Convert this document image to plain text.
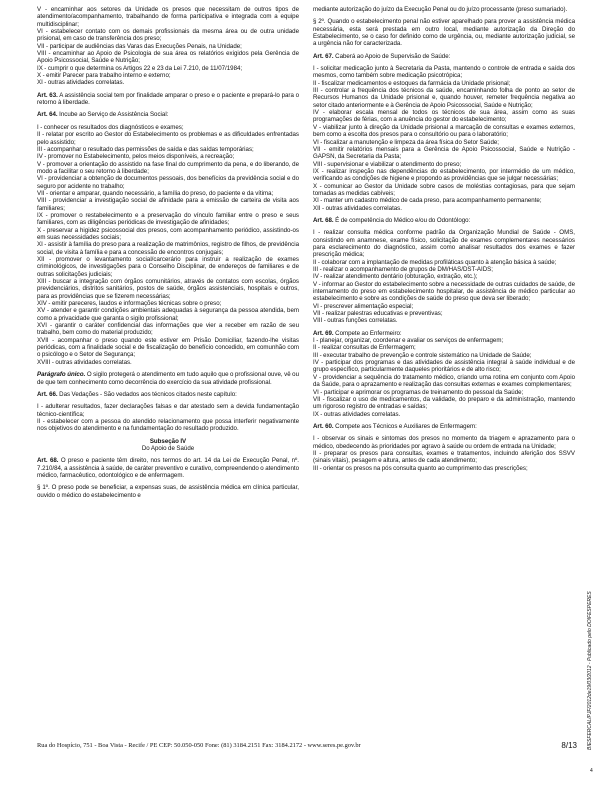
V - encaminhar aos setores da Unidade os presos que necessitam de outros tipos de atendimento/acompanhamento, trabalhando de forma participativa e integrada com a equipe multidisciplinar;

VI - estabelecer contato com os demais profissionais da mesma área ou de outra unidade prisional, em caso de transferência dos preso;

VII - participar de audiências das Varas das Execuções Penais, na Unidade;

VIII - encaminhar ao Apoio de Psicologia de sua área os relatórios exigidos pela Gerência de Apoio Psicossocial, Saúde e Nutrição;

IX - cumprir o que determina os Artigos 22 e 23 da Lei 7.210, de 11/07/1984;

X - emitir Parecer para trabalho interno e externo;

XI - outras atividades correlatas.

Art. 63. A assistência social tem por finalidade amparar o preso e o paciente e prepará-lo para o retorno à liberdade.

Art. 64. Incube ao Serviço de Assistência Social:

I - conhecer os resultados dos diagnósticos e exames;

II - relatar por escrito ao Gestor do Estabelecimento os problemas e as dificuldades enfrentadas pelo assistido;

III - acompanhar o resultado das permissões de saída e das saídas temporárias;

IV - promover no Estabelecimento, pelos meios disponíveis, a recreação;

V - promover a orientação do assistido na fase final do cumprimento da pena, e do liberando, de modo a facilitar o seu retorno à liberdade;

VI - providenciar a obtenção de documentos pessoais, dos benefícios da previdência social e do seguro por acidente no trabalho;

VII - orientar e amparar, quando necessário, a família do preso, do paciente e da vítima;

VIII - providenciar a investigação social de afinidade para a emissão de carteira de visita aos familiares;

IX - promover o restabelecimento e a preservação do vínculo familiar entre o preso e seus familiares, com as diligências periódicas de investigação de afinidades;

X - preservar a higidez psicossocial dos presos, com acompanhamento periódico, assistindo-os em suas necessidades sociais;

XI - assistir à família do preso para a realização de matrimônios, registro de filhos, de previdência social, de visita à família e para a concessão de encontros conjugais;

XII - promover o levantamento social/carcerário para instruir a realização de exames criminológicos, de investigações para o Conselho Disciplinar, de endereços de familiares e de outras solicitações judiciais;

XIII - buscar a integração com órgãos comunitários, através de contatos com escolas, órgãos previdenciários, distritos sanitários, postos de saúde, órgãos assistenciais, hospitais e outros, para as providências que se fizerem necessárias;

XIV - emitir pareceres, laudos e informações técnicas sobre o preso;

XV - atender e garantir condições ambientais adequadas à segurança da pessoa atendida, bem como a privacidade que garanta o sigilo profissional;

XVI - garantir o caráter confidencial das informações que vier a receber em razão de seu trabalho, bem como do material produzido;

XVII - acompanhar o preso quando este estiver em Prisão Domiciliar, fazendo-lhe visitas periódicas, com a finalidade social e de fiscalização do benefício concedido, em comunhão com o psicólogo e o Setor de Segurança;

XVIII - outras atividades correlatas.

Parágrafo único. O sigilo protegerá o atendimento em tudo aquilo que o profissional ouve, vê ou de que tem conhecimento como decorrência do exercício da sua atividade profissional.

Art. 66. Das Vedações - São vedados aos técnicos citados neste capítulo:

I - adulterar resultados, fazer declarações falsas e dar atestado sem a devida fundamentação técnico-científica;

II - estabelecer com a pessoa do atendido relacionamento que possa interferir negativamente nos objetivos do atendimento e na fundamentação do resultado produzido.

Subseção IV

Do Apoio de Saúde

Art. 68. O preso e paciente têm direito, nos termos do art. 14 da Lei de Execução Penal, nº. 7.210/84, a assistência à saúde, de caráter preventivo e curativo, compreendendo o atendimento médico, farmacêutico, odontológico e de enfermagem.

§ 1º. O preso pode se beneficiar, a expensas suas, de assistência médica em clínica particular, ouvido o médico do estabelecimento e

mediante autorização do juízo da Execução Penal ou do juízo processante (preso sumariado).

§ 2º. Quando o estabelecimento penal não estiver aparelhado para prover a assistência médica necessária, esta será prestada em outro local, mediante autorização da Direção do Estabelecimento, se o caso for definido como de urgência, ou, mediante autorização judicial, se a urgência não for caracterizada.

Art. 67. Caberá ao Apoio de Supervisão de Saúde:

I - solicitar medicação junto à Secretaria da Pasta, mantendo o controle de entrada e saída dos mesmos, como também sobre medicação psicotrópica;

II - fiscalizar medicamentos e estoques da farmácia da Unidade prisional;

III - controlar a frequência dos técnicos da saúde, encaminhando folha de ponto ao setor de Recursos Humanos da Unidade prisional e, quando houver, remeter frequência negativa ao setor citado anteriormente e à Gerência de Apoio Psicossocial, Saúde e Nutrição;

IV - elaborar escala mensal de todos os técnicos de sua área, assim como as suas programações de férias, com a anuência do gestor do estabelecimento;

V - viabilizar junto à direção da Unidade prisional a marcação de consultas e exames externos, bem como a escolta dos presos para o consultório ou para o laboratório;

VI - fiscalizar a manutenção e limpeza da área física do Setor Saúde;

VII - emitir relatórios mensais para a Gerência de Apoio Psicossocial, Saúde e Nutrição - GAPSN, da Secretaria da Pasta;

VIII - supervisionar e viabilizar o atendimento do preso;

IX - realizar inspeção nas dependências do estabelecimento, por intermédio de um médico, verificando as condições de higiene e propondo as providências que se julgar necessárias;

X - comunicar ao Gestor da Unidade sobre casos de moléstias contagiosas, para que sejam tomadas as medidas cabíveis;

XI - manter um cadastro médico de cada preso, para acompanhamento permanente;

XII - outras atividades correlatas.

Art. 68. É de competência do Médico e/ou do Odontólogo:

I - realizar consulta médica conforme padrão da Organização Mundial de Saúde - OMS, consistindo em anamnese, exame físico, solicitação de exames complementares necessários para esclarecimento do diagnóstico, assim como analisar resultados dos exames e fazer prescrição médica;

II - colaborar com a implantação de medidas profiláticas quanto à atenção básica à saúde;

III - realizar o acompanhamento de grupos de DM/HAS/DST-AIDS;

IV - realizar atendimento dentário (obturação, extração, etc.);

V - informar ao Gestor do estabelecimento sobre a necessidade de outras cuidados de saúde, de internamento do preso em estabelecimento hospitalar, de assistência de médico particular ao estabelecimento e sobre as condições de saúde do preso que deva ser liberado;

VI - prescrever alimentação especial;

VII - realizar palestras educativas e preventivas;

VIII - outras funções correlatas.

Art. 69. Compete ao Enfermeiro:

I - planejar, organizar, coordenar e avaliar os serviços de enfermagem;

II - realizar consultas de Enfermagem;

III - executar trabalho de prevenção e controle sistemático na Unidade de Saúde;

IV - participar dos programas e das atividades de assistência integral à saúde individual e de grupo específico, particularmente daqueles prioritários e de alto risco;

V - providenciar a sequência do tratamento médico, criando uma rotina em conjunto com Apoio da Saúde, para o aprazamento e realização das consultas externas e exames complementares;

VI - participar e aprimorar os programas de treinamento do pessoal da Saúde;

VII - fiscalizar o uso de medicamentos, da validade, do preparo e da administração, mantendo um rigoroso registro de entradas e saídas;

IX - outras atividades correlatas.

Art. 60. Compete aos Técnicos e Auxiliares de Enfermagem:

I - observar os sinais e sintomas dos presos no momento da triagem e aprazamento para o médico, obedecendo às prioridades por agravo à saúde ou ordem de entrada na Unidade;

II - preparar os presos para consultas, exames e tratamentos, incluindo aferição dos SSVV (sinais vitais), pesagem e altura, antes de cada atendimento;

III - orientar os presos na pós consulta quanto ao cumprimento das prescrições;

Rua do Hospício, 751 - Boa Vista - Recife / PE CEP: 50.050-050 Fone: (81) 3184.2151 Fax: 3184.2172 - www.seres.pe.gov.br	8/13 BIESFERCAL/PJF/2012de19/03/2012 - Publicado pelo DOIFESPERES
4
